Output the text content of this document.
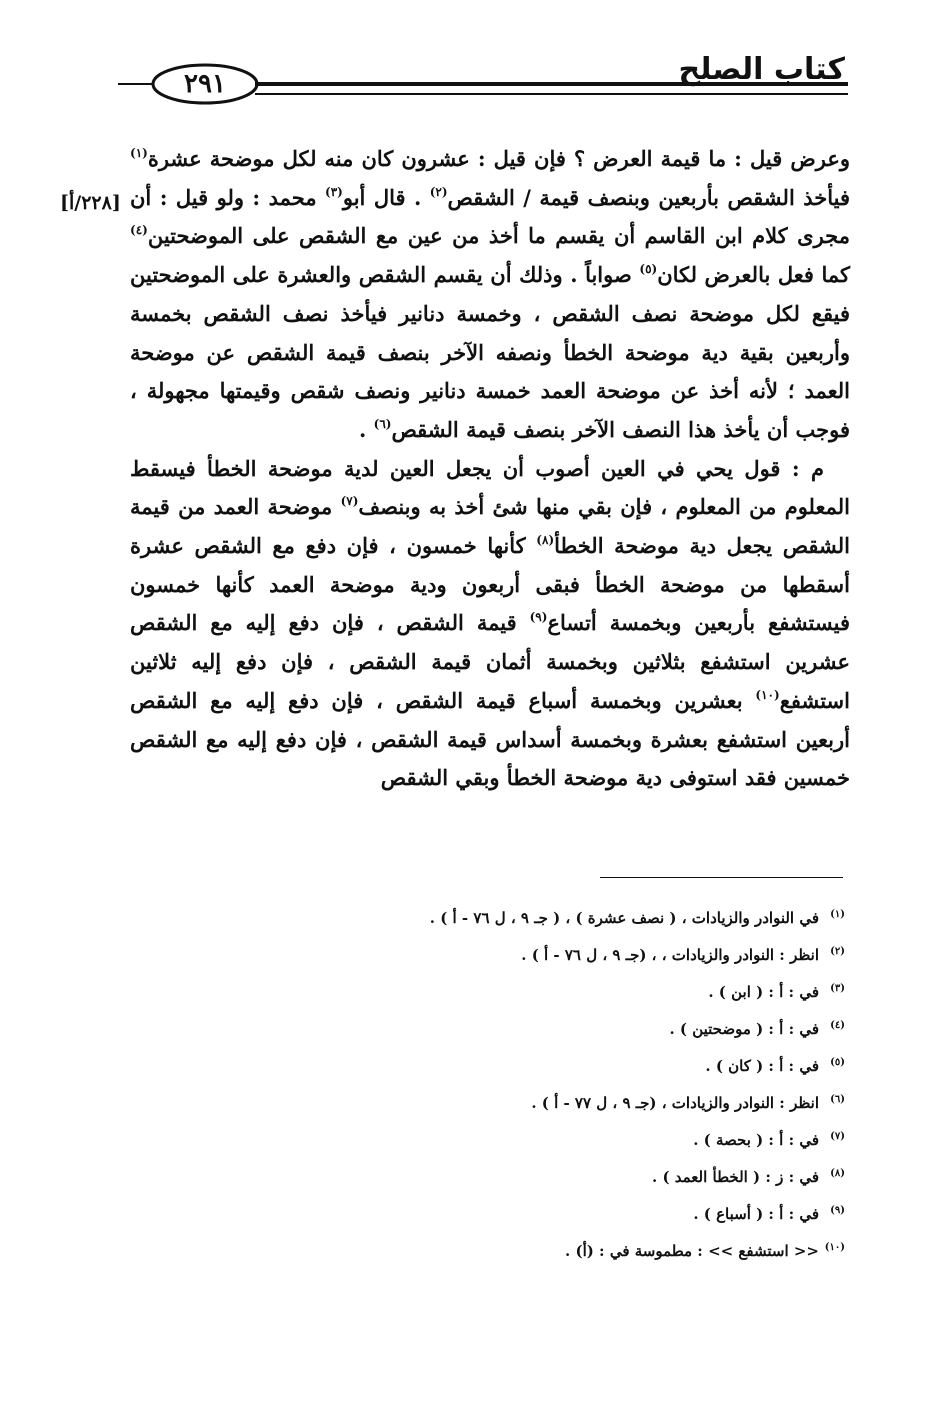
كتاب الصلح
٢٩١
[٢٢٨/أ]

وعرض قيل : ما قيمة العرض ؟ فإن قيل : عشرون كان منه لكل موضحة عشرة$^{(١)}$ فيأخذ الشقص بأربعين وبنصف قيمة / الشقص$^{(٢)}$ . قال أبو$^{(٣)}$ محمد : ولو قيل : أن مجرى كلام ابن القاسم أن يقسم ما أخذ من عين مع الشقص على الموضحتين$^{(٤)}$ كما فعل بالعرض لكان$^{(٥)}$ صواباً . وذلك أن يقسم الشقص والعشرة على الموضحتين فيقع لكل موضحة نصف الشقص ، وخمسة دنانير فيأخذ نصف الشقص بخمسة وأربعين بقية دية موضحة الخطأ ونصفه الآخر بنصف قيمة الشقص عن موضحة العمد ؛ لأنه أخذ عن موضحة العمد خمسة دنانير ونصف شقص وقيمتها مجهولة ، فوجب أن يأخذ هذا النصف الآخر بنصف قيمة الشقص$^{(٦)}$ .

م : قول يحي في العين أصوب أن يجعل العين لدية موضحة الخطأ فيسقط المعلوم من المعلوم ، فإن بقي منها شئ أخذ به وبنصف$^{(٧)}$ موضحة العمد من قيمة الشقص يجعل دية موضحة الخطأ$^{(٨)}$ كأنها خمسون ، فإن دفع مع الشقص عشرة أسقطها من موضحة الخطأ فبقى أربعون ودية موضحة العمد كأنها خمسون فيستشفع بأربعين وبخمسة أتساع$^{(٩)}$ قيمة الشقص ، فإن دفع إليه مع الشقص عشرين استشفع بثلاثين وبخمسة أثمان قيمة الشقص ، فإن دفع إليه ثلاثين استشفع$^{(١٠)}$ بعشرين وبخمسة أسباع قيمة الشقص ، فإن دفع إليه مع الشقص أربعين استشفع بعشرة وبخمسة أسداس قيمة الشقص ، فإن دفع إليه مع الشقص خمسين فقد استوفى دية موضحة الخطأ وبقي الشقص

(١)في النوادر والزيادات ، ( نصف عشرة ) ، ( جـ ٩ ، ل ٧٦ - أ ) .
(٢)انظر : النوادر والزيادات ، ، (جـ ٩ ، ل ٧٦ - أ ) .
(٣)في : أ : ( ابن ) .
(٤)في : أ : ( موضحتين ) .
(٥)في : أ : ( كان ) .
(٦)انظر : النوادر والزيادات ، (جـ ٩ ، ل ٧٧ - أ ) .
(٧)في : أ : ( بحصة ) .
(٨)في : ز : ( الخطأ العمد ) .
(٩)في : أ : ( أسباع ) .
(١٠)<< استشفع >> : مطموسة في : (أ) .
